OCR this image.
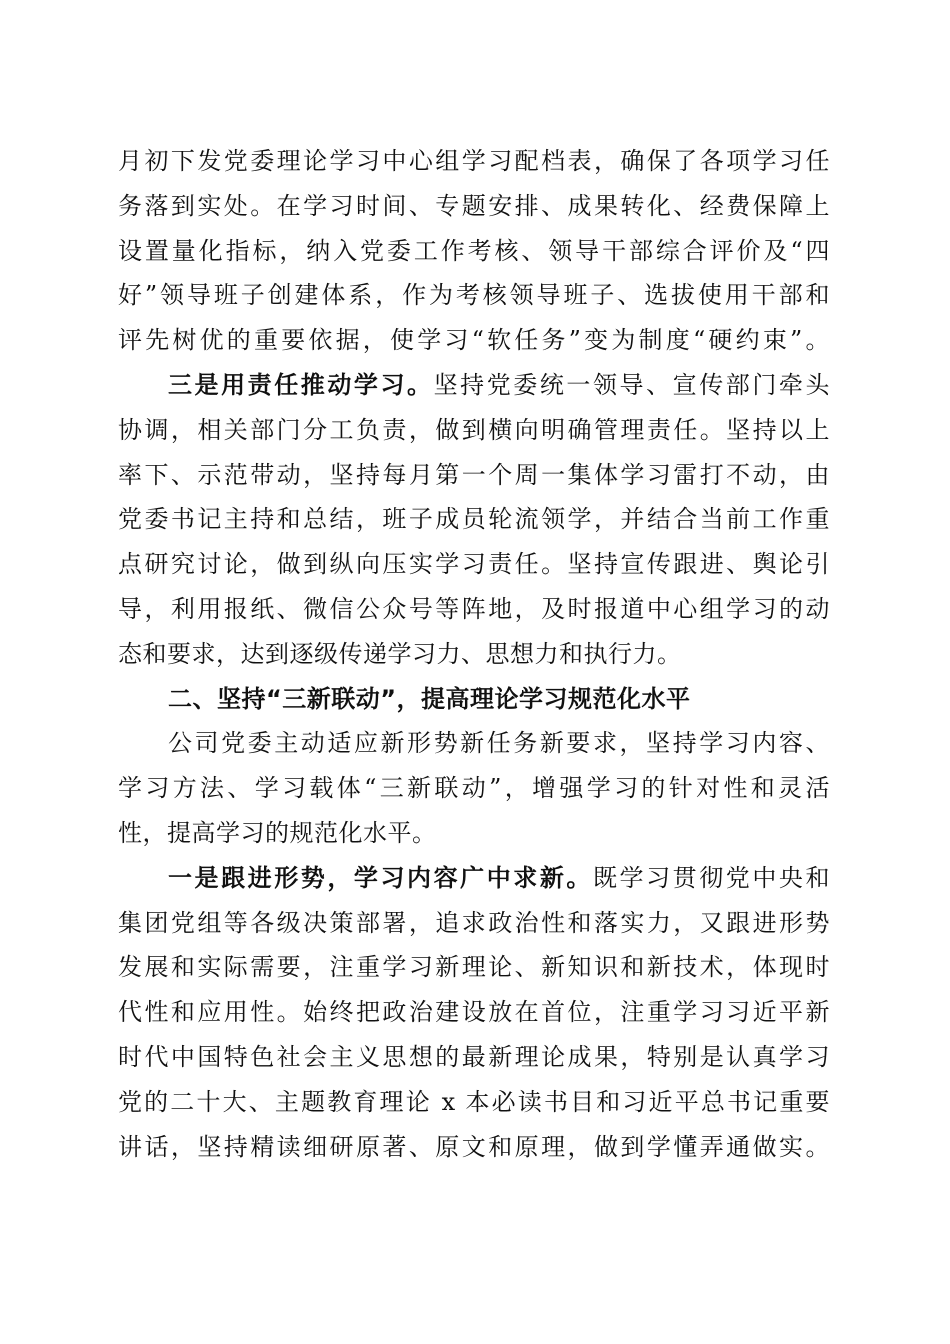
月初下发党委理论学习中心组学习配档表，确保了各项学习任
务落到实处。在学习时间、专题安排、成果转化、经费保障上
设置量化指标，纳入党委工作考核、领导干部综合评价及“四
好”领导班子创建体系，作为考核领导班子、选拔使用干部和
评先树优的重要依据，使学习“软任务”变为制度“硬约束”。
三是用责任推动学习。坚持党委统一领导、宣传部门牵头
协调，相关部门分工负责，做到横向明确管理责任。坚持以上
率下、示范带动，坚持每月第一个周一集体学习雷打不动，由
党委书记主持和总结，班子成员轮流领学，并结合当前工作重
点研究讨论，做到纵向压实学习责任。坚持宣传跟进、舆论引
导，利用报纸、微信公众号等阵地，及时报道中心组学习的动
态和要求，达到逐级传递学习力、思想力和执行力。
二、坚持“三新联动”，提高理论学习规范化水平
公司党委主动适应新形势新任务新要求，坚持学习内容、
学习方法、学习载体“三新联动”，增强学习的针对性和灵活
性，提高学习的规范化水平。
一是跟进形势，学习内容广中求新。既学习贯彻党中央和
集团党组等各级决策部署，追求政治性和落实力，又跟进形势
发展和实际需要，注重学习新理论、新知识和新技术，体现时
代性和应用性。始终把政治建设放在首位，注重学习习近平新
时代中国特色社会主义思想的最新理论成果，特别是认真学习
党的二十大、主题教育理论 x 本必读书目和习近平总书记重要
讲话，坚持精读细研原著、原文和原理，做到学懂弄通做实。
